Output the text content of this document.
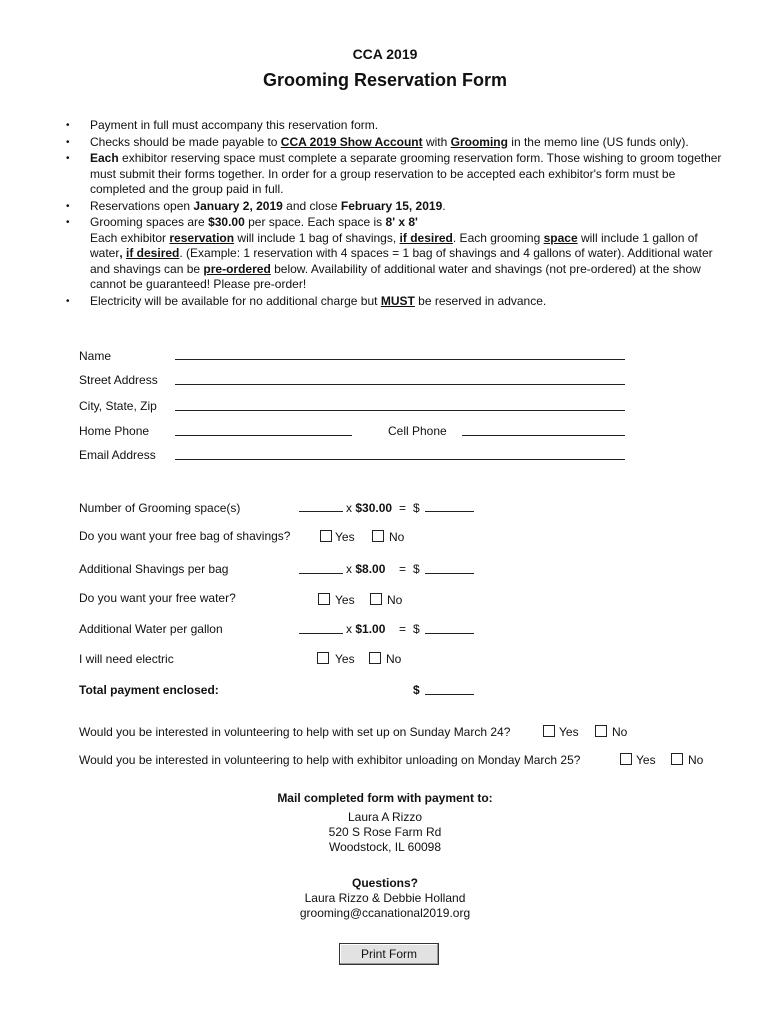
CCA 2019
Grooming Reservation Form
• Payment in full must accompany this reservation form.
• Checks should be made payable to CCA 2019 Show Account with Grooming in the memo line (US funds only).
• Each exhibitor reserving space must complete a separate grooming reservation form. Those wishing to groom together must submit their forms together. In order for a group reservation to be accepted each exhibitor's form must be completed and the group paid in full.
• Reservations open January 2, 2019 and close February 15, 2019.
• Grooming spaces are $30.00 per space. Each space is 8' x 8'
Each exhibitor reservation will include 1 bag of shavings, if desired. Each grooming space will include 1 gallon of water, if desired. (Example: 1 reservation with 4 spaces = 1 bag of shavings and 4 gallons of water). Additional water and shavings can be pre-ordered below. Availability of additional water and shavings (not pre-ordered) at the show cannot be guaranteed! Please pre-order!
• Electricity will be available for no additional charge but MUST be reserved in advance.
Name
Street Address
City, State, Zip
Home Phone	Cell Phone
Email Address
Number of Grooming space(s)	x $30.00 = $
Do you want your free bag of shavings?	Yes	No
Additional Shavings per bag	x $8.00 = $
Do you want your free water?	Yes	No
Additional Water per gallon	x $1.00 = $
I will need electric	Yes	No
Total payment enclosed:	$
Would you be interested in volunteering to help with set up on Sunday March 24?	Yes	No
Would you be interested in volunteering to help with exhibitor unloading on Monday March 25?	Yes	No
Mail completed form with payment to:
Laura A Rizzo
520 S Rose Farm Rd
Woodstock, IL 60098
Questions?
Laura Rizzo & Debbie Holland
grooming@ccanational2019.org
Print Form
